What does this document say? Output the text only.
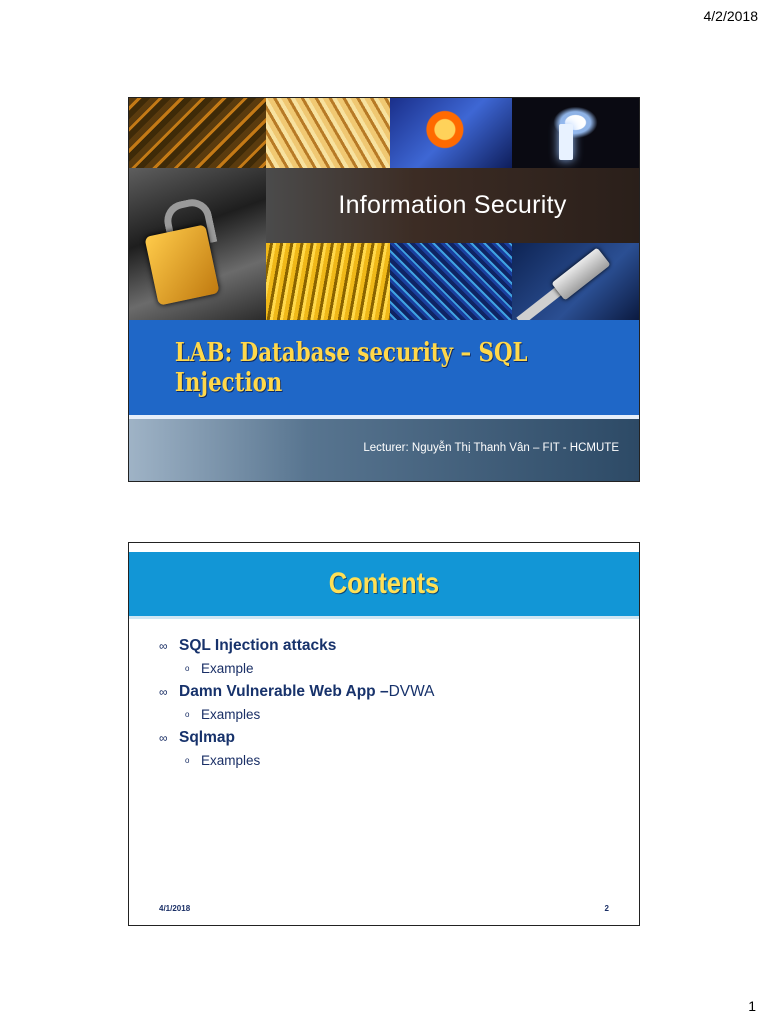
4/2/2018
Information Security
LAB: Database security – SQL Injection
Lecturer: Nguyễn Thị Thanh Vân – FIT - HCMUTE
Contents
∞ SQL Injection attacks
o Example
∞ Damn Vulnerable Web App – DVWA
o Examples
∞ Sqlmap
o Examples
4/1/2018	2
1
